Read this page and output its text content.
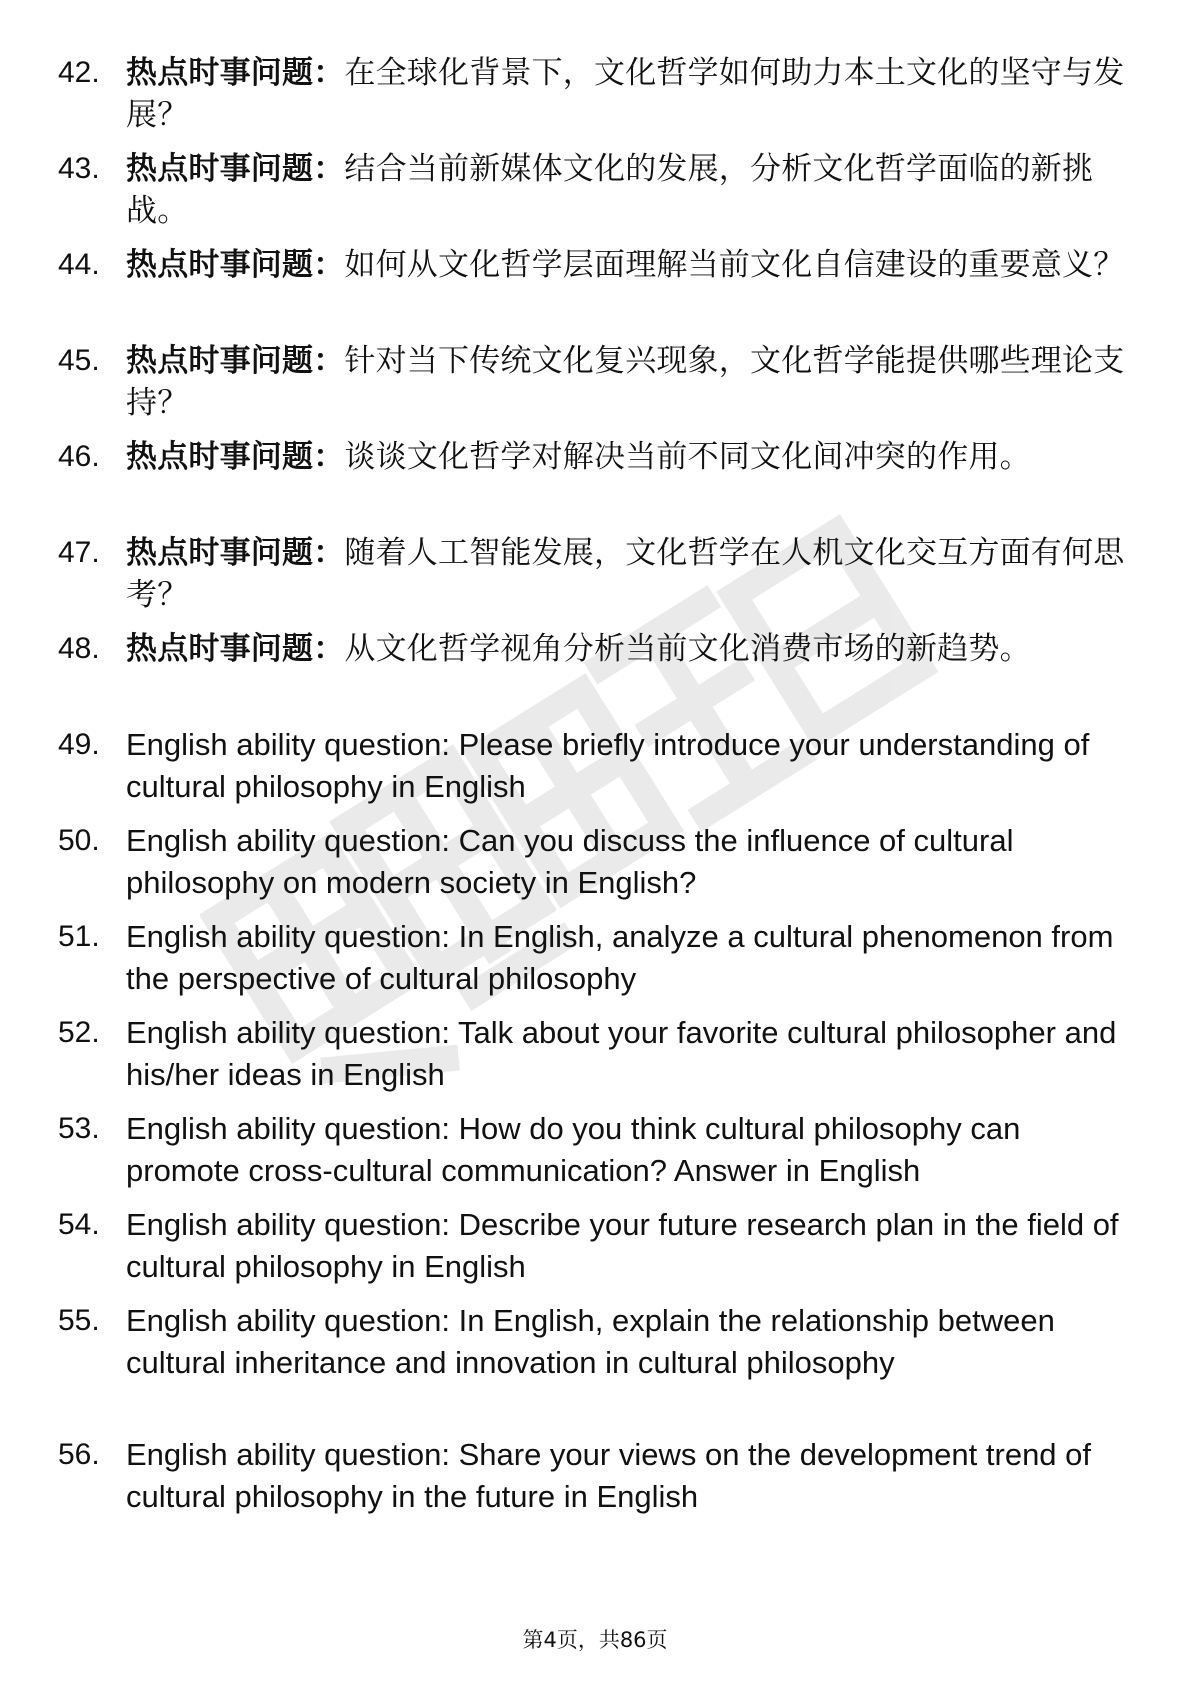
42. 热点时事问题：在全球化背景下，文化哲学如何助力本土文化的坚守与发展？
43. 热点时事问题：结合当前新媒体文化的发展，分析文化哲学面临的新挑战。
44. 热点时事问题：如何从文化哲学层面理解当前文化自信建设的重要意义？
45. 热点时事问题：针对当下传统文化复兴现象，文化哲学能提供哪些理论支持？
46. 热点时事问题：谈谈文化哲学对解决当前不同文化间冲突的作用。
47. 热点时事问题：随着人工智能发展，文化哲学在人机文化交互方面有何思考？
48. 热点时事问题：从文化哲学视角分析当前文化消费市场的新趋势。
49. English ability question: Please briefly introduce your understanding of cultural philosophy in English
50. English ability question: Can you discuss the influence of cultural philosophy on modern society in English?
51. English ability question: In English, analyze a cultural phenomenon from the perspective of cultural philosophy
52. English ability question: Talk about your favorite cultural philosopher and his/her ideas in English
53. English ability question: How do you think cultural philosophy can promote cross-cultural communication? Answer in English
54. English ability question: Describe your future research plan in the field of cultural philosophy in English
55. English ability question: In English, explain the relationship between cultural inheritance and innovation in cultural philosophy
56. English ability question: Share your views on the development trend of cultural philosophy in the future in English
第4页，共86页
